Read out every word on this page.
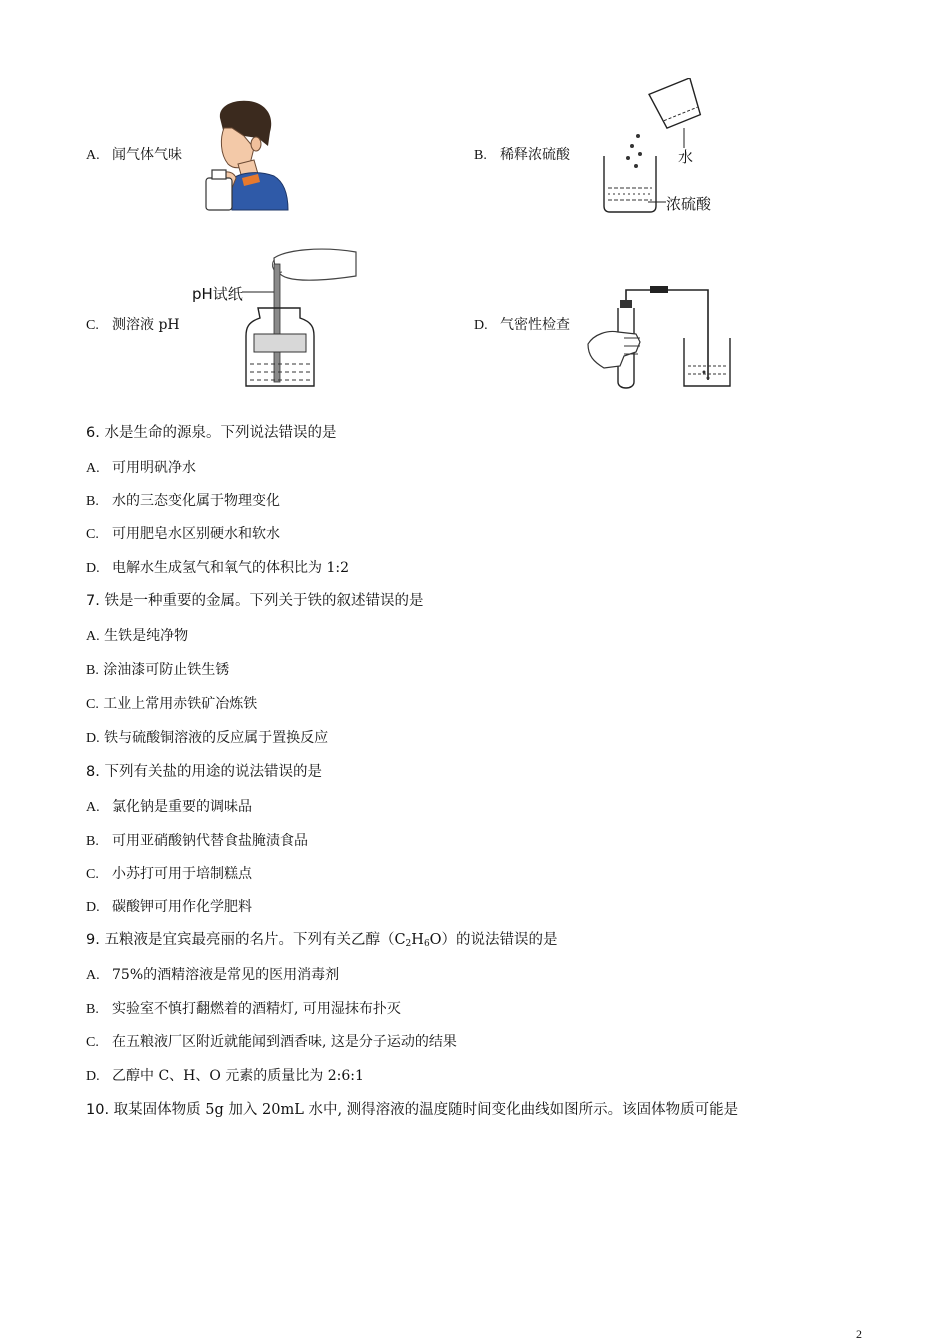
A. 闻气体气味	B. 稀释浓硫酸	水
浓硫酸
C. 测溶液 pH
pH试纸
D. 气密性检查
6. 水是生命的源泉。下列说法错误的是
A. 可用明矾净水
B. 水的三态变化属于物理变化
C. 可用肥皂水区别硬水和软水
D. 电解水生成氢气和氧气的体积比为 1:2
7. 铁是一种重要的金属。下列关于铁的叙述错误的是
A. 生铁是纯净物
B. 涂油漆可防止铁生锈
C. 工业上常用赤铁矿冶炼铁
D. 铁与硫酸铜溶液的反应属于置换反应
8. 下列有关盐的用途的说法错误的是
A. 氯化钠是重要的调味品
B. 可用亚硝酸钠代替食盐腌渍食品
C. 小苏打可用于培制糕点
D. 碳酸钾可用作化学肥料
9. 五粮液是宜宾最亮丽的名片。下列有关乙醇$(C_2H_6O)$的说法错误的是
A. 75%的酒精溶液是常见的医用消毒剂
B. 实验室不慎打翻燃着的酒精灯, 可用湿抹布扑灭
C. 在五粮液厂区附近就能闻到酒香味, 这是分子运动的结果
D. 乙醇中 C、H、O 元素的质量比为 2:6:1
10. 取某固体物质 5g 加入 20mL 水中, 测得溶液的温度随时间变化曲线如图所示。该固体物质可能是
2
